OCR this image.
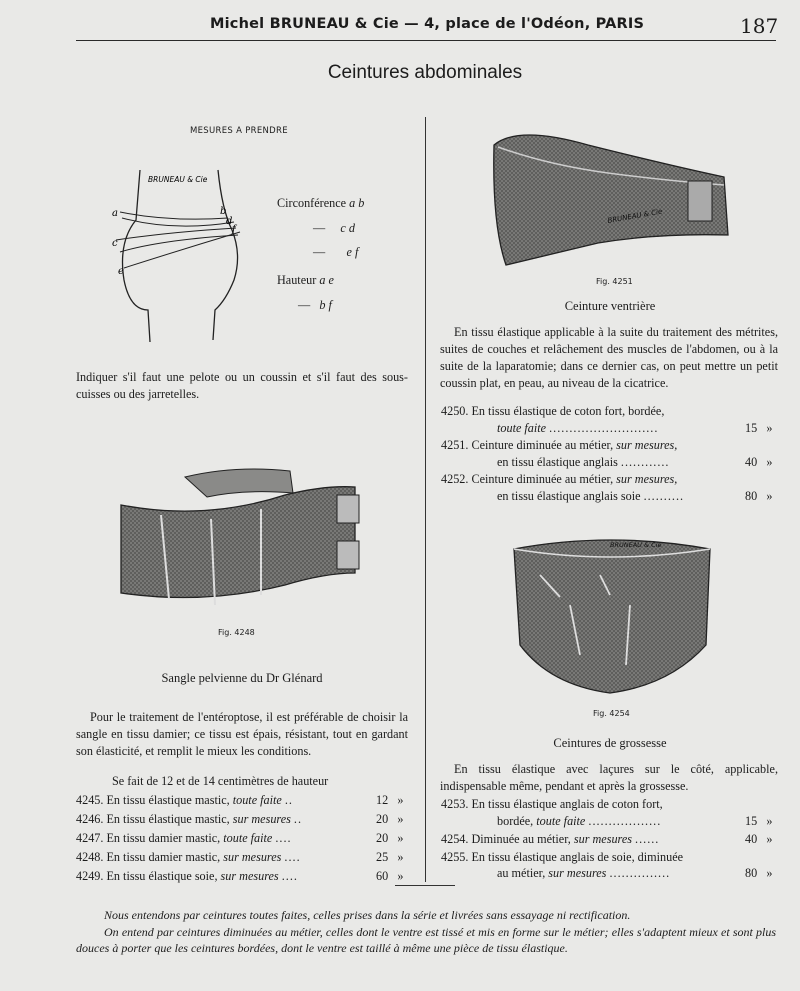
Michel BRUNEAU & Cie — 4, place de l'Odéon, PARIS	187
Ceintures abdominales
MESURES A PRENDRE
BRUNEAU & Cie
a	b
c
d
e
f
Circonférence a b
— c d
— e f
Hauteur a e
— b f
Indiquer s'il faut une pelote ou un coussin et s'il faut des sous-cuisses ou des jarretelles.
Fig. 4248
Sangle pelvienne du Dr Glénard
Pour le traitement de l'entéroptose, il est préférable de choisir la sangle en tissu damier; ce tissu est épais, résistant, tout en gardant son élasticité, et remplit le mieux les conditions.
Se fait de 12 et de 14 centimètres de hauteur
4245. En tissu élastique mastic, toute faite ..	12 »
4246. En tissu élastique mastic, sur mesures ..	20 »
4247. En tissu damier mastic, toute faite ....	20 »
4248. En tissu damier mastic, sur mesures ....	25 »
4249. En tissu élastique soie, sur mesures ....	60 »
BRUNEAU & Cie
Fig. 4251
Ceinture ventrière
En tissu élastique applicable à la suite du traitement des métrites, suites de couches et relâchement des muscles de l'abdomen, ou à la suite de la laparatomie; dans ce dernier cas, on peut mettre un petit coussin plat, en peau, au niveau de la cicatrice.
4250. En tissu élastique de coton fort, bordée,
toute faite ...........................	15 »
4251. Ceinture diminuée au métier, sur mesures,
en tissu élastique anglais ............	40 »
4252. Ceinture diminuée au métier, sur mesures,
en tissu élastique anglais soie ..........	80 »
BRUNEAU & Cie
Fig. 4254
Ceintures de grossesse
En tissu élastique avec laçures sur le côté, applicable, indispensable même, pendant et après la grossesse.
4253. En tissu élastique anglais de coton fort,
bordée, toute faite ..................	15 »
4254. Diminuée au métier, sur mesures ......	40 »
4255. En tissu élastique anglais de soie, diminuée
au métier, sur mesures ...............	80 »
Nous entendons par ceintures toutes faites, celles prises dans la série et livrées sans essayage ni rectification.
On entend par ceintures diminuées au métier, celles dont le ventre est tissé et mis en forme sur le métier; elles s'adaptent mieux et sont plus douces à porter que les ceintures bordées, dont le ventre est taillé à même une pièce de tissu élastique.
